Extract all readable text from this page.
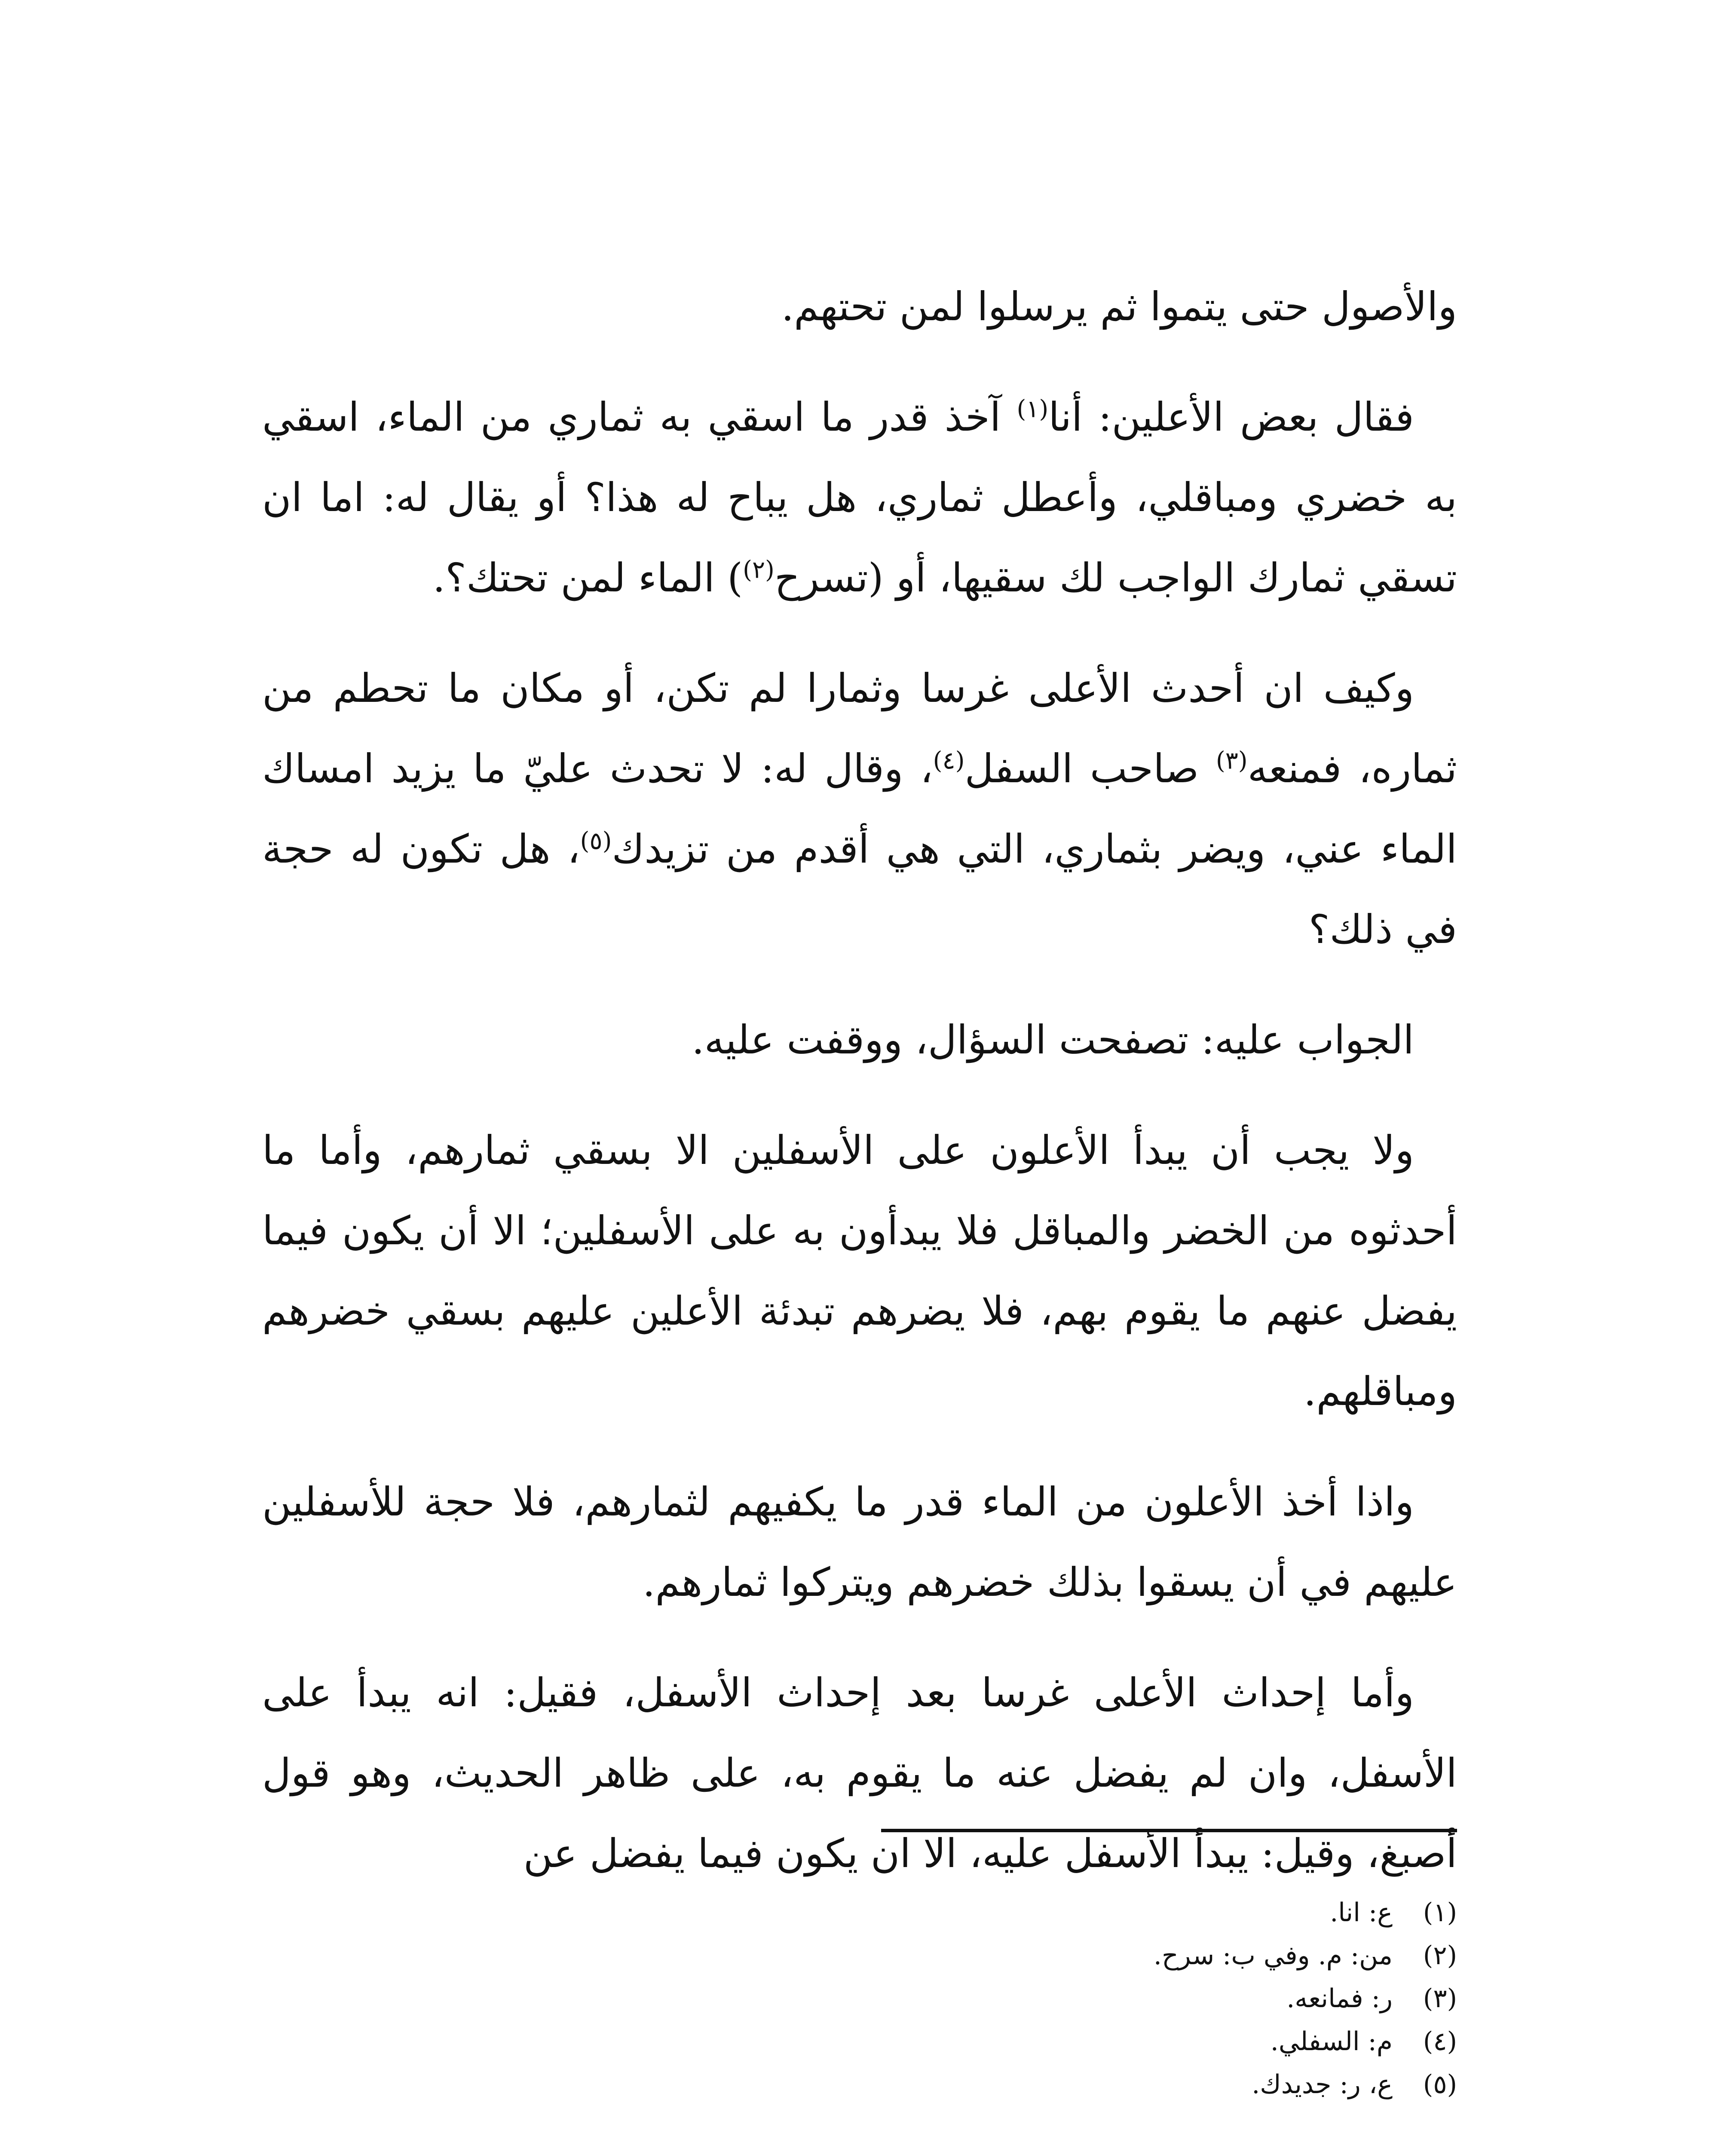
والأصول حتى يتموا ثم يرسلوا لمن تحتهم.

فقال بعض الأعلين: أنا$^{(١)}$ آخذ قدر ما اسقي به ثماري من الماء، اسقي به خضري ومباقلي، وأعطل ثماري، هل يباح له هذا؟ أو يقال له: اما ان تسقي ثمارك الواجب لك سقيها، أو (تسرح$^{(٢)}$) الماء لمن تحتك؟.

وكيف ان أحدث الأعلى غرسا وثمارا لم تكن، أو مكان ما تحطم من ثماره، فمنعه$^{(٣)}$ صاحب السفل$^{(٤)}$، وقال له: لا تحدث عليّ ما يزيد امساك الماء عني، ويضر بثماري، التي هي أقدم من تزيدك$^{(٥)}$، هل تكون له حجة في ذلك؟

الجواب عليه: تصفحت السؤال، ووقفت عليه.

ولا يجب أن يبدأ الأعلون على الأسفلين الا بسقي ثمارهم، وأما ما أحدثوه من الخضر والمباقل فلا يبدأون به على الأسفلين؛ الا أن يكون فيما يفضل عنهم ما يقوم بهم، فلا يضرهم تبدئة الأعلين عليهم بسقي خضرهم ومباقلهم.

واذا أخذ الأعلون من الماء قدر ما يكفيهم لثمارهم، فلا حجة للأسفلين عليهم في أن يسقوا بذلك خضرهم ويتركوا ثمارهم.

وأما إحداث الأعلى غرسا بعد إحداث الأسفل، فقيل: انه يبدأ على الأسفل، وان لم يفضل عنه ما يقوم به، على ظاهر الحديث، وهو قول أصبغ، وقيل: يبدأ الأسفل عليه، الا ان يكون فيما يفضل عن

(١)
ع: انا.
(٢)
من: م. وفي ب: سرح.
(٣)
ر: فمانعه.
(٤)
م: السفلي.
(٥)
ع، ر: جديدك.
